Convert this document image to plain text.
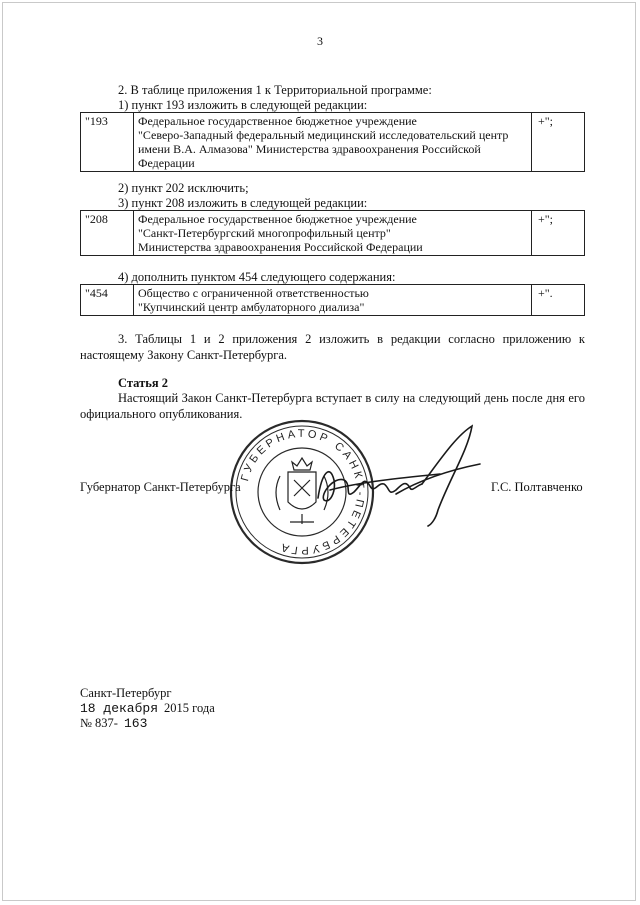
3
2. В таблице приложения 1 к Территориальной программе:
1) пункт 193 изложить в следующей редакции:
"193	Федеральное государственное бюджетное учреждение
"Северо-Западный федеральный медицинский исследовательский центр
имени В.А. Алмазова" Министерства здравоохранения Российской
Федерации
	+";
2) пункт 202 исключить;
3) пункт 208 изложить в следующей редакции:
"208	Федеральное государственное бюджетное учреждение
"Санкт-Петербургский многопрофильный центр"
Министерства здравоохранения Российской Федерации
	+";
4) дополнить пунктом 454 следующего содержания:
"454	Общество с ограниченной ответственностью
"Купчинский центр амбулаторного диализа"
	+".
3. Таблицы 1 и 2 приложения 2 изложить в редакции согласно приложению к настоящему Закону Санкт-Петербурга.
Статья 2
Настоящий Закон Санкт-Петербурга вступает в силу на следующий день после дня его официального опубликования.
ГУБЕРНАТОР САНКТ-ПЕТЕРБУРГА
Губернатор Санкт-Петербурга	Г.С. Полтавченко
Санкт-Петербург
18 декабря 2015 года
№ 837- 163
